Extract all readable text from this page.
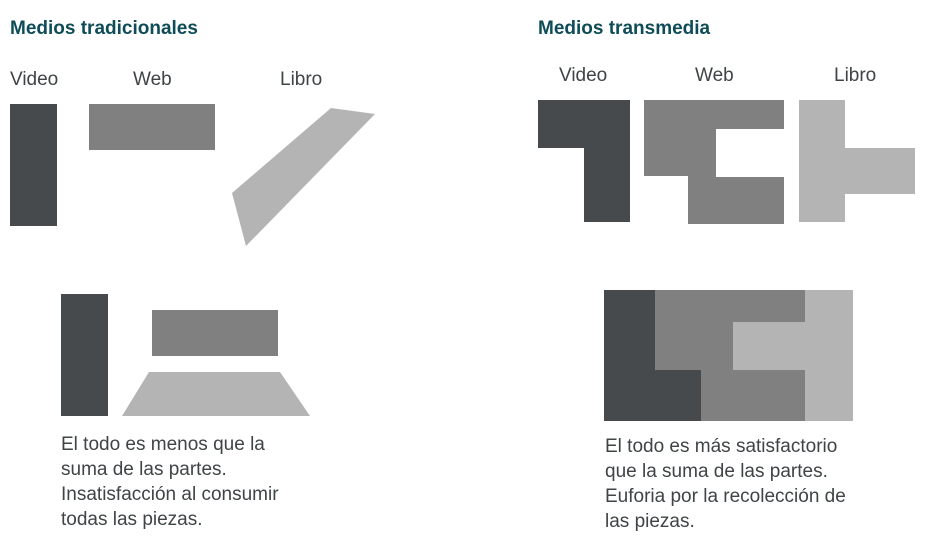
Medios tradicionales	Medios transmedia

Video	Web	Libro	Video	Web	Libro

El todo es menos que la
suma de las partes.
Insatisfacción al consumir
todas las piezas.
El todo es más satisfactorio
que la suma de las partes.
Euforia por la recolección de
las piezas.
